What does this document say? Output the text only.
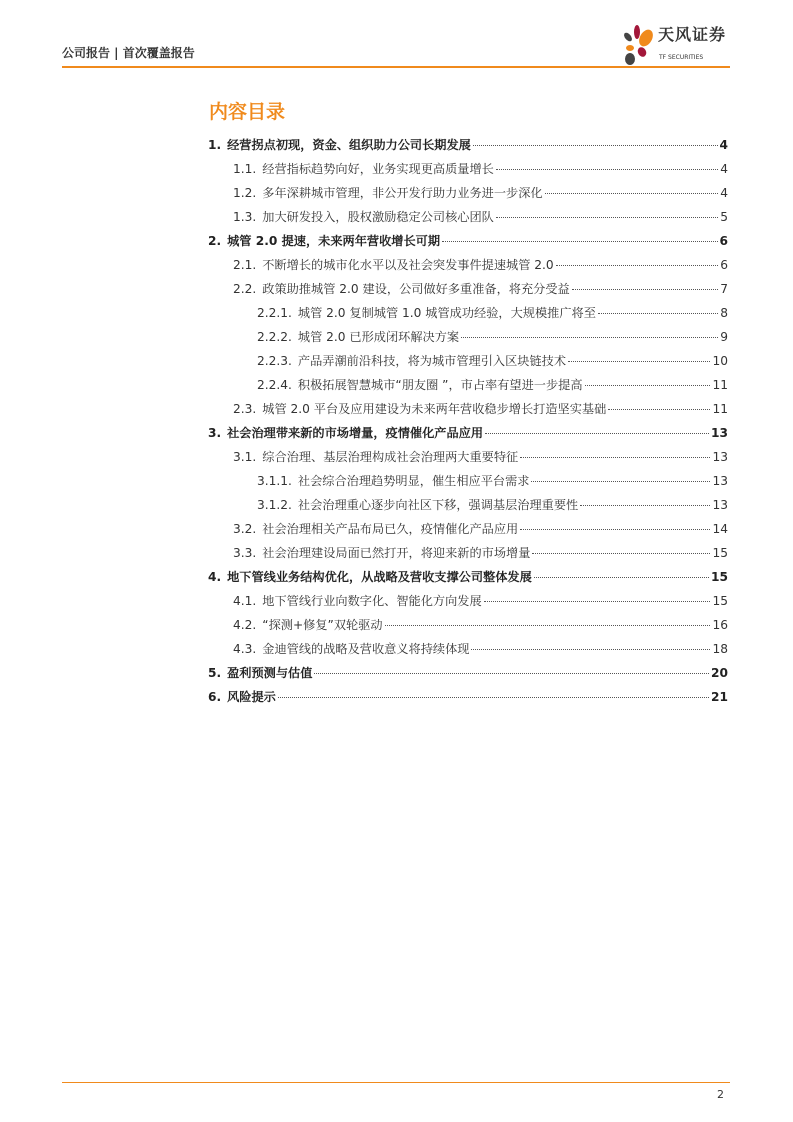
公司报告 | 首次覆盖报告
天风证券
TF SECURITIES
内容目录
1. 经营拐点初现，资金、组织助力公司长期发展	4
1.1. 经营指标趋势向好，业务实现更高质量增长	4
1.2. 多年深耕城市管理，非公开发行助力业务进一步深化	4
1.3. 加大研发投入，股权激励稳定公司核心团队	5
2. 城管 2.0 提速，未来两年营收增长可期	6
2.1. 不断增长的城市化水平以及社会突发事件提速城管 2.0	6
2.2. 政策助推城管 2.0 建设，公司做好多重准备，将充分受益	7
2.2.1. 城管 2.0 复制城管 1.0 城管成功经验，大规模推广将至	8
2.2.2. 城管 2.0 已形成闭环解决方案	9
2.2.3. 产品弄潮前沿科技，将为城市管理引入区块链技术	10
2.2.4. 积极拓展智慧城市“朋友圈 ”，市占率有望进一步提高	11
2.3. 城管 2.0 平台及应用建设为未来两年营收稳步增长打造坚实基础	11
3. 社会治理带来新的市场增量，疫情催化产品应用	13
3.1. 综合治理、基层治理构成社会治理两大重要特征	13
3.1.1. 社会综合治理趋势明显，催生相应平台需求	13
3.1.2. 社会治理重心逐步向社区下移，强调基层治理重要性	13
3.2. 社会治理相关产品布局已久，疫情催化产品应用	14
3.3. 社会治理建设局面已然打开，将迎来新的市场增量	15
4. 地下管线业务结构优化，从战略及营收支撑公司整体发展	15
4.1. 地下管线行业向数字化、智能化方向发展	15
4.2. “探测+修复”双轮驱动	16
4.3. 金迪管线的战略及营收意义将持续体现	18
5. 盈利预测与估值	20
6. 风险提示	21
2
